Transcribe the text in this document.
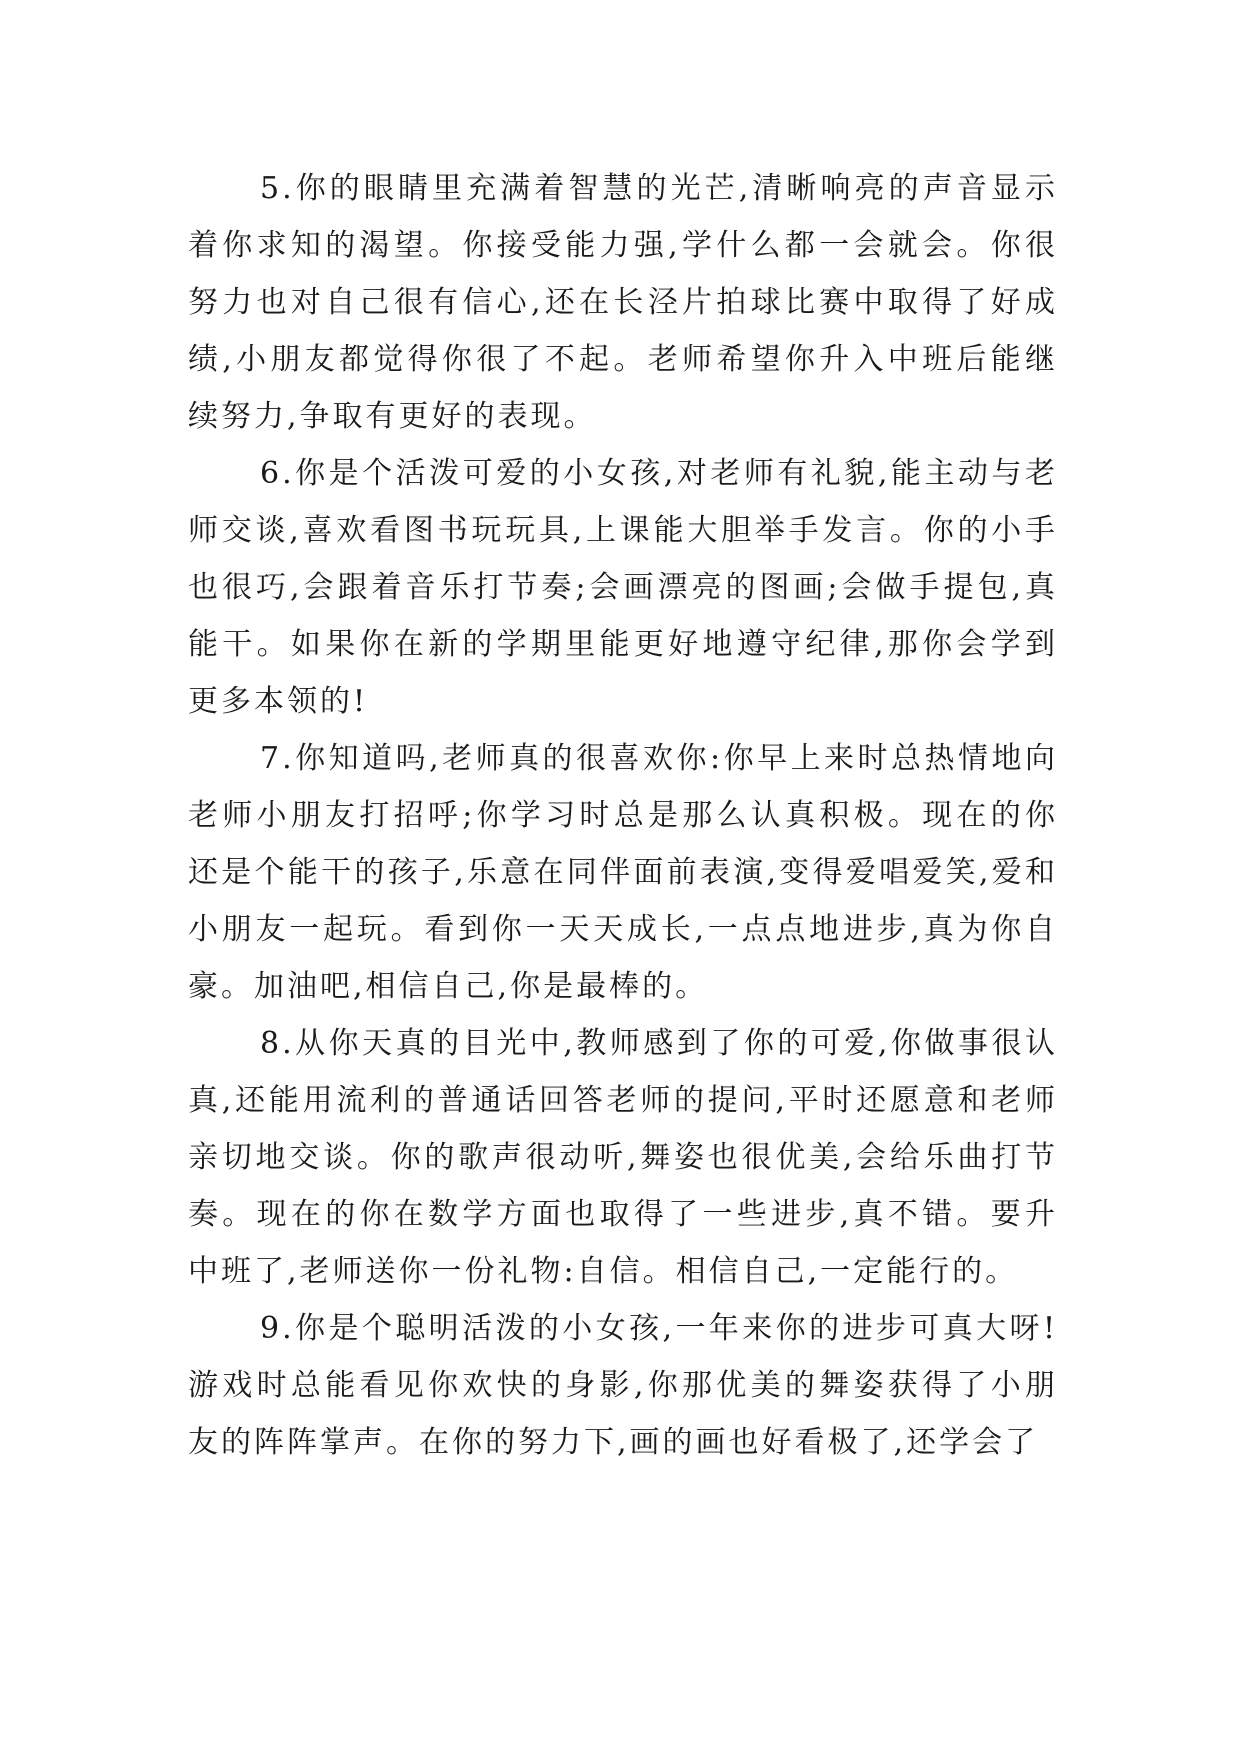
5.你的眼睛里充满着智慧的光芒,清晰响亮的声音显示着你求知的渴望。你接受能力强,学什么都一会就会。你很努力也对自己很有信心,还在长泾片拍球比赛中取得了好成绩,小朋友都觉得你很了不起。老师希望你升入中班后能继续努力,争取有更好的表现。

6.你是个活泼可爱的小女孩,对老师有礼貌,能主动与老师交谈,喜欢看图书玩玩具,上课能大胆举手发言。你的小手也很巧,会跟着音乐打节奏;会画漂亮的图画;会做手提包,真能干。如果你在新的学期里能更好地遵守纪律,那你会学到更多本领的!

7.你知道吗,老师真的很喜欢你:你早上来时总热情地向老师小朋友打招呼;你学习时总是那么认真积极。现在的你还是个能干的孩子,乐意在同伴面前表演,变得爱唱爱笑,爱和小朋友一起玩。看到你一天天成长,一点点地进步,真为你自豪。加油吧,相信自己,你是最棒的。

8.从你天真的目光中,教师感到了你的可爱,你做事很认真,还能用流利的普通话回答老师的提问,平时还愿意和老师亲切地交谈。你的歌声很动听,舞姿也很优美,会给乐曲打节奏。现在的你在数学方面也取得了一些进步,真不错。要升中班了,老师送你一份礼物:自信。相信自己,一定能行的。

9.你是个聪明活泼的小女孩,一年来你的进步可真大呀!游戏时总能看见你欢快的身影,你那优美的舞姿获得了小朋友的阵阵掌声。在你的努力下,画的画也好看极了,还学会了
